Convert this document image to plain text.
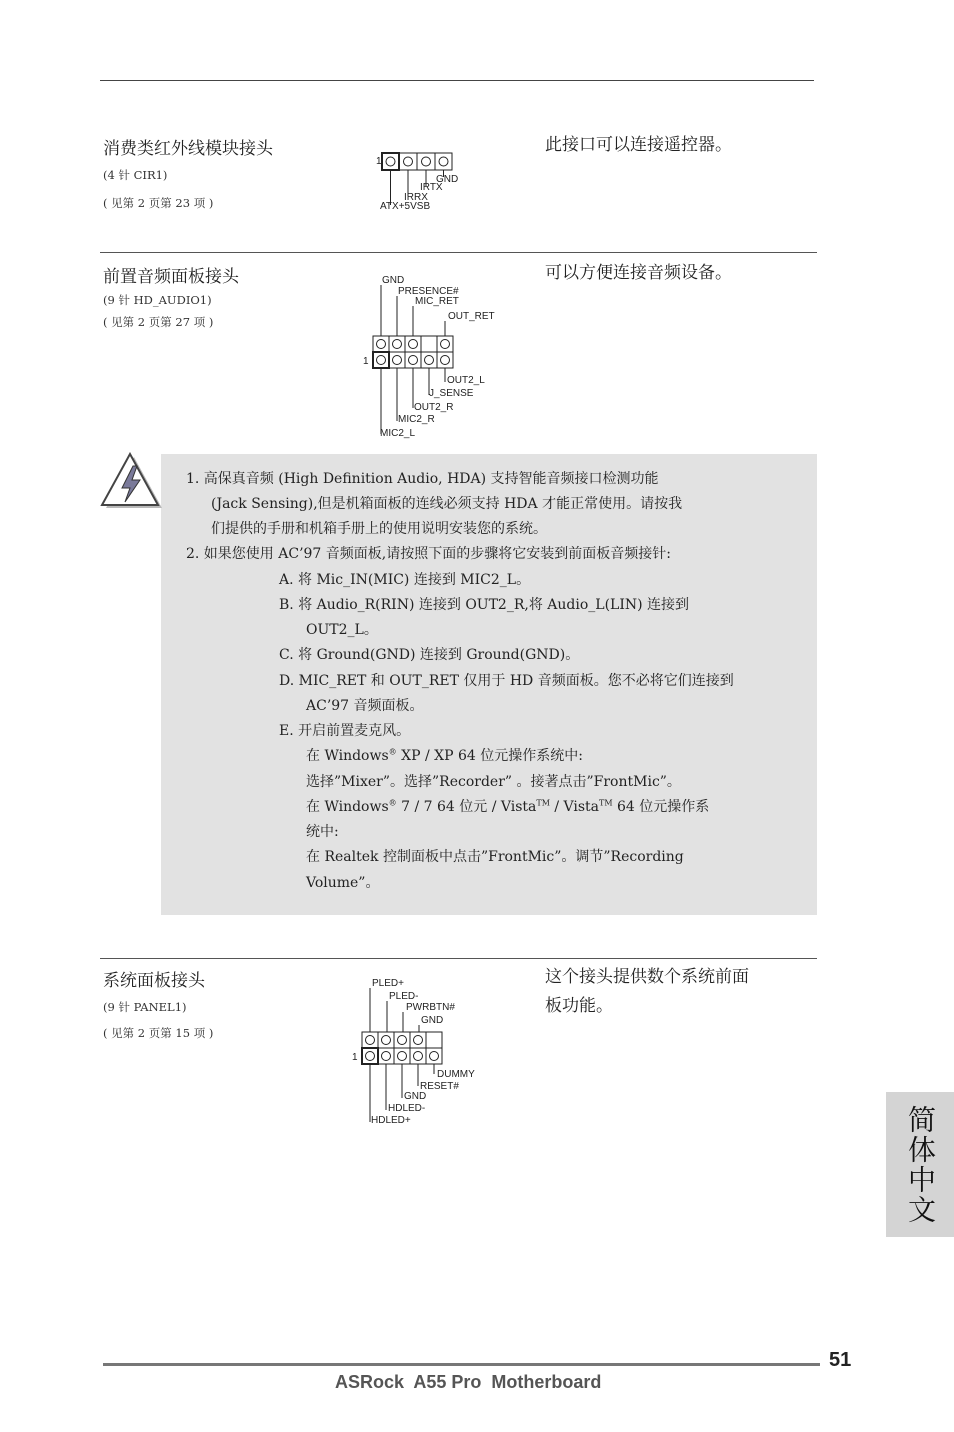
消费类红外线模块接头
(4 针 CIR1)
( 见第 2 页第 23 项 )
此接口可以连接遥控器。
1
GND
IRTX
IRRX
ATX+5VSB
前置音频面板接头
(9 针 HD_AUDIO1)
( 见第 2 页第 27 项 )
可以方便连接音频设备。
GND
PRESENCE#
MIC_RET
OUT_RET
1
OUT2_L
J_SENSE
OUT2_R
MIC2_R
MIC2_L
1. 高保真音频 (High Definition Audio, HDA) 支持智能音频接口检测功能
(Jack Sensing),但是机箱面板的连线必须支持 HDA 才能正常使用。请按我
们提供的手册和机箱手册上的使用说明安装您的系统。
2. 如果您使用 AC’97 音频面板,请按照下面的步骤将它安装到前面板音频接针:
A. 将 Mic_IN(MIC) 连接到 MIC2_L。
B. 将 Audio_R(RIN) 连接到 OUT2_R,将 Audio_L(LIN) 连接到
OUT2_L。
C. 将 Ground(GND) 连接到 Ground(GND)。
D. MIC_RET 和 OUT_RET 仅用于 HD 音频面板。您不必将它们连接到
AC’97 音频面板。
E. 开启前置麦克风。
在 Windows® XP / XP 64 位元操作系统中:
选择”Mixer”。选择”Recorder” 。接著点击”FrontMic”。
在 Windows® 7 / 7 64 位元 / Vista™ / Vista™ 64 位元操作系
统中:
在 Realtek 控制面板中点击”FrontMic”。调节”Recording
Volume”。
系统面板接头
(9 针 PANEL1)
( 见第 2 页第 15 项 )
这个接头提供数个系统前面
板功能。
PLED+
PLED-
PWRBTN#
GND
1
DUMMY
RESET#
GND
HDLED-
HDLED+	简体中文
51
ASRock  A55 Pro  Motherboard
